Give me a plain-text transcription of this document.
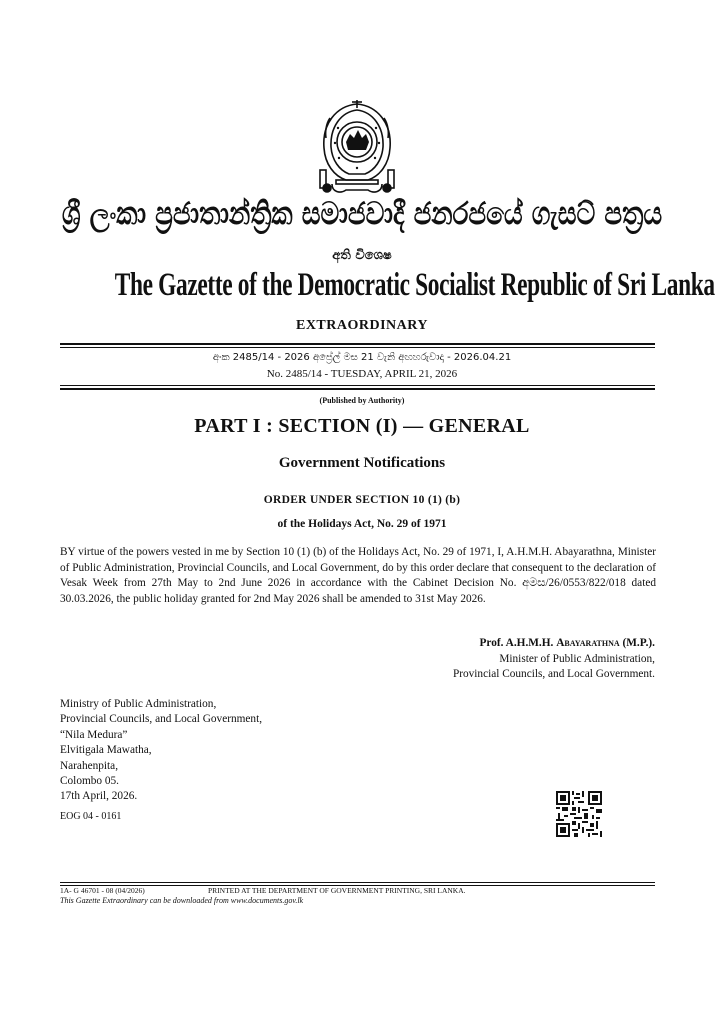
ශ්‍රී ලංකා ප්‍රජාතාන්ත්‍රික සමාජවාදී ජනරජයේ ගැසට් පත්‍රය
අති විශෙෂ
The Gazette of the Democratic Socialist Republic of Sri Lanka
EXTRAORDINARY
අංක 2485/14 - 2026 අප්‍රේල් මස 21 වැනි අඟහරුවාදා - 2026.04.21
No. 2485/14 - TUESDAY, APRIL 21, 2026
(Published by Authority)
PART I : SECTION (I) — GENERAL
Government Notifications
ORDER UNDER SECTION 10 (1) (b)
of the Holidays Act, No. 29 of 1971
BY virtue of the powers vested in me by Section 10 (1) (b) of the Holidays Act, No. 29 of 1971, I, A.H.M.H. Abayarathna, Minister of Public Administration, Provincial Councils, and Local Government, do by this order declare that consequent to the declaration of Vesak Week from 27th May to 2nd June 2026 in accordance with the Cabinet Decision No. අමස/26/0553/822/018 dated 30.03.2026, the public holiday granted for 2nd May 2026 shall be amended to 31st May 2026.
Prof. A.H.M.H. Abayarathna (M.P.).
Minister of Public Administration,
Provincial Councils, and Local Government.
Ministry of Public Administration,
Provincial Councils, and Local Government,
“Nila Medura”
Elvitigala Mawatha,
Narahenpita,
Colombo 05.
17th April, 2026.
EOG 04 - 0161
1A- G 46701 - 08 (04/2026)	PRINTED AT THE DEPARTMENT OF GOVERNMENT PRINTING, SRI LANKA.
This Gazette Extraordinary can be downloaded from www.documents.gov.lk
